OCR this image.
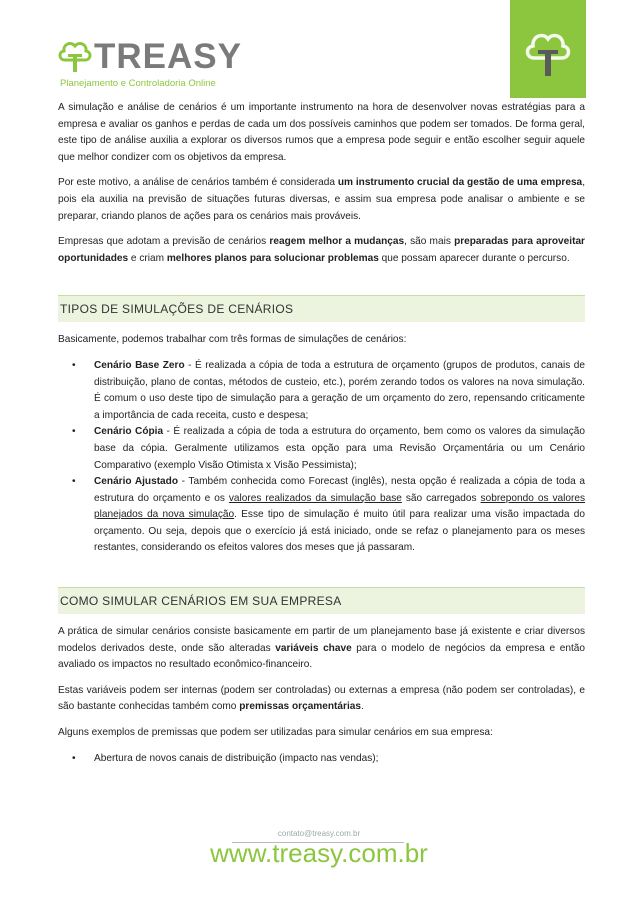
TREASY
Planejamento e Controladoria Online

A simulação e análise de cenários é um importante instrumento na hora de desenvolver novas estratégias para a empresa e avaliar os ganhos e perdas de cada um dos possíveis caminhos que podem ser tomados. De forma geral, este tipo de análise auxilia a explorar os diversos rumos que a empresa pode seguir e então escolher seguir aquele que melhor condizer com os objetivos da empresa.

Por este motivo, a análise de cenários também é considerada um instrumento crucial da gestão de uma empresa, pois ela auxilia na previsão de situações futuras diversas, e assim sua empresa pode analisar o ambiente e se preparar, criando planos de ações para os cenários mais prováveis.

Empresas que adotam a previsão de cenários reagem melhor a mudanças, são mais preparadas para aproveitar oportunidades e criam melhores planos para solucionar problemas que possam aparecer durante o percurso.

TIPOS DE SIMULAÇÕES DE CENÁRIOS

Basicamente, podemos trabalhar com três formas de simulações de cenários:

• Cenário Base Zero - É realizada a cópia de toda a estrutura de orçamento (grupos de produtos, canais de distribuição, plano de contas, métodos de custeio, etc.), porém zerando todos os valores na nova simulação. É comum o uso deste tipo de simulação para a geração de um orçamento do zero, repensando criticamente a importância de cada receita, custo e despesa;
• Cenário Cópia - É realizada a cópia de toda a estrutura do orçamento, bem como os valores da simulação base da cópia. Geralmente utilizamos esta opção para uma Revisão Orçamentária ou um Cenário Comparativo (exemplo Visão Otimista x Visão Pessimista);
• Cenário Ajustado - Também conhecida como Forecast (inglês), nesta opção é realizada a cópia de toda a estrutura do orçamento e os valores realizados da simulação base são carregados sobrepondo os valores planejados da nova simulação. Esse tipo de simulação é muito útil para realizar uma visão impactada do orçamento. Ou seja, depois que o exercício já está iniciado, onde se refaz o planejamento para os meses restantes, considerando os efeitos valores dos meses que já passaram.
COMO SIMULAR CENÁRIOS EM SUA EMPRESA

A prática de simular cenários consiste basicamente em partir de um planejamento base já existente e criar diversos modelos derivados deste, onde são alteradas variáveis chave para o modelo de negócios da empresa e então avaliado os impactos no resultado econômico-financeiro.

Estas variáveis podem ser internas (podem ser controladas) ou externas a empresa (não podem ser controladas), e são bastante conhecidas também como premissas orçamentárias.

Alguns exemplos de premissas que podem ser utilizadas para simular cenários em sua empresa:

• Abertura de novos canais de distribuição (impacto nas vendas);
contato@treasy.com.br
www.treasy.com.br
